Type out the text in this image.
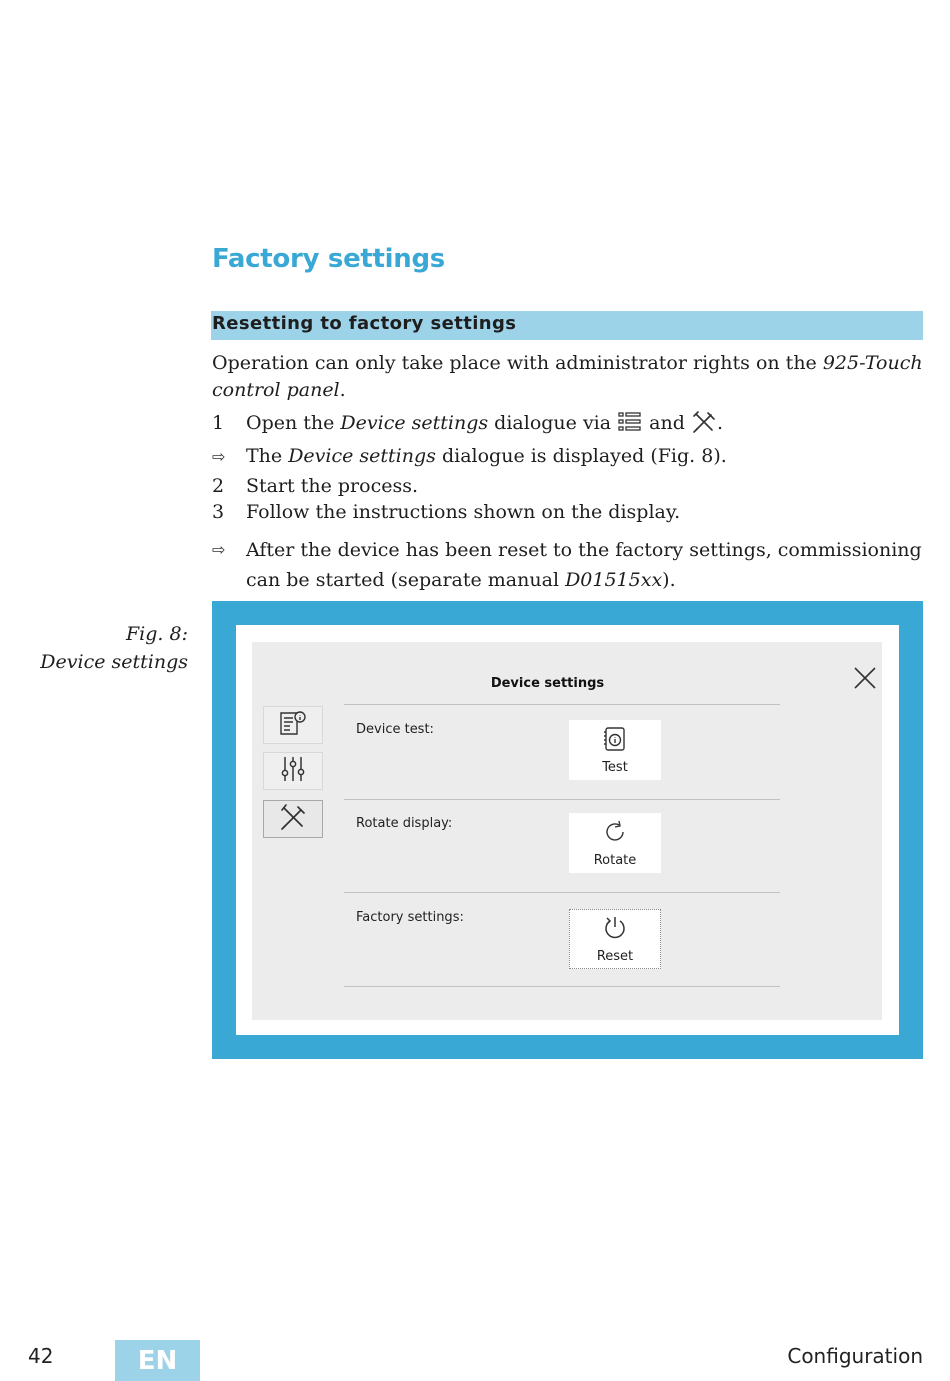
Factory settings
Resetting to factory settings

Operation can only take place with administrator rights on the 925-Touch control panel.

1	Open the Device settings dialogue via  and .
⇨ The Device settings dialogue is displayed (Fig. 8).
2	Start the process.
3	Follow the instructions shown on the display.
⇨ After the device has been reset to the factory settings, commissioning can be started (separate manual D01515xx).
Fig. 8:
Device settings
Device settings
Device test:
Test
Rotate display:
Rotate
Factory settings:
Reset
42	EN	Configuration
